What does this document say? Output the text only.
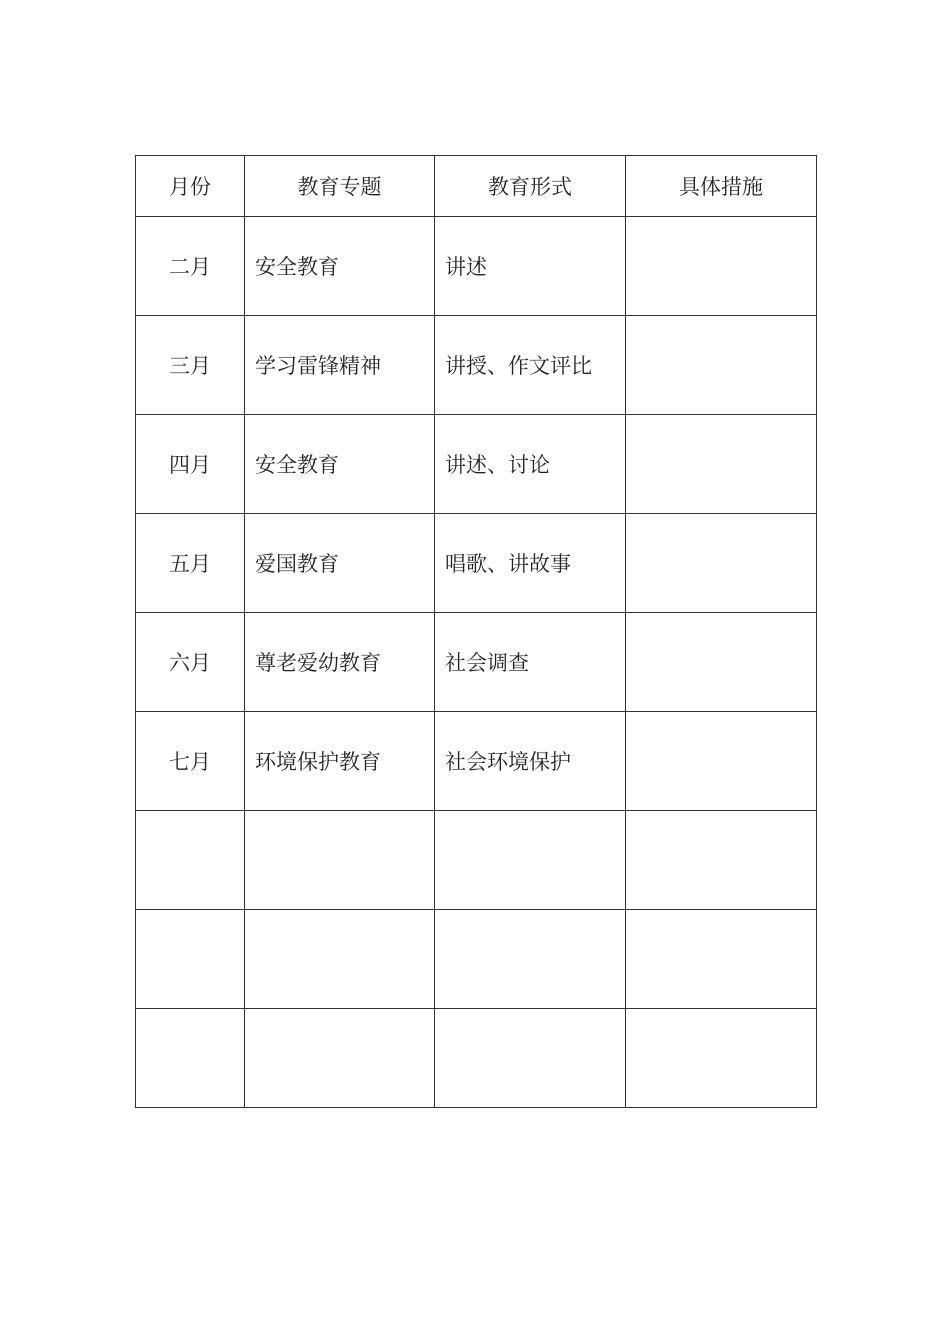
月份	教育专题	教育形式	具体措施
二月	安全教育	讲述	
三月	学习雷锋精神	讲授、作文评比	
四月	安全教育	讲述、讨论	
五月	爱国教育	唱歌、讲故事	
六月	尊老爱幼教育	社会调查	
七月	环境保护教育	社会环境保护	
